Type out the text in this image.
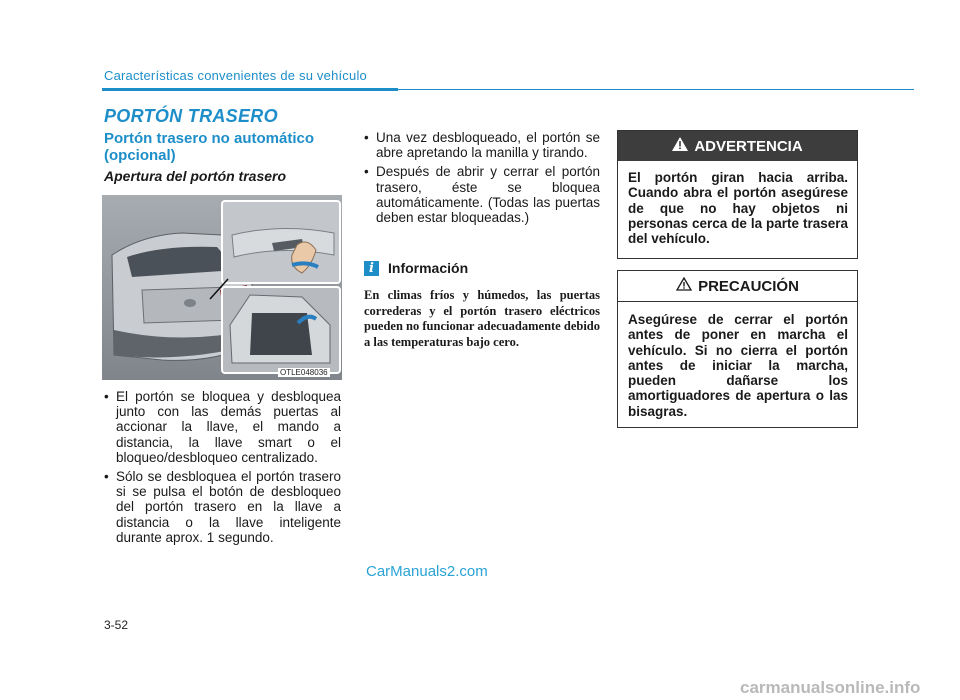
Características convenientes de su vehículo
PORTÓN TRASERO
Portón trasero no automático (opcional)
Apertura del portón trasero
OTLE048036
• El portón se bloquea y desbloquea junto con las demás puertas al accionar la llave, el mando a distancia, la llave smart o el bloqueo/desbloqueo centralizado.
• Sólo se desbloquea el portón trasero si se pulsa el botón de desbloqueo del portón trasero en la llave a distancia o la llave inteligente durante aprox. 1 segundo.
• Una vez desbloqueado, el portón se abre apretando la manilla y tirando.
• Después de abrir y cerrar el portón trasero, éste se bloquea automáticamente. (Todas las puertas deben estar bloqueadas.)
i	Información
En climas fríos y húmedos, las puertas correderas y el portón trasero eléctricos pueden no funcionar adecuadamente debido a las temperaturas bajo cero.
ADVERTENCIA
El portón giran hacia arriba. Cuando abra el portón asegúrese de que no hay objetos ni personas cerca de la parte trasera del vehículo.
PRECAUCIÓN
Asegúrese de cerrar el portón antes de poner en marcha el vehículo. Si no cierra el portón antes de iniciar la marcha, pueden dañarse los amortiguadores de apertura o las bisagras.
CarManuals2.com
3-52
carmanualsonline.info
